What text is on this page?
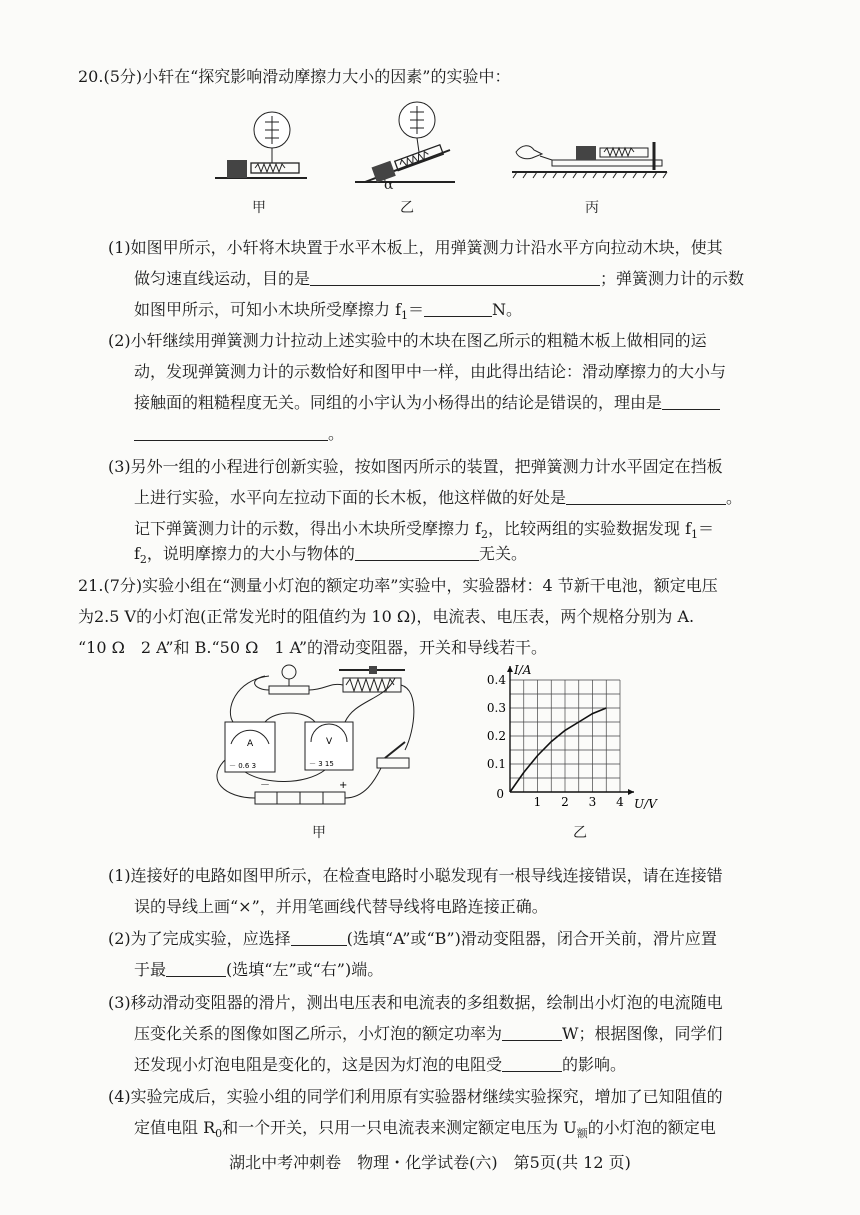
20.(5分)小轩在“探究影响滑动摩擦力大小的因素”的实验中：
甲
α
乙	丙
(1)如图甲所示，小轩将木块置于水平木板上，用弹簧测力计沿水平方向拉动木块，使其
做匀速直线运动，目的是	；弹簧测力计的示数
如图甲所示，可知小木块所受摩擦力 $f_1=$	N。
(2)小轩继续用弹簧测力计拉动上述实验中的木块在图乙所示的粗糙木板上做相同的运
动，发现弹簧测力计的示数恰好和图甲中一样，由此得出结论：滑动摩擦力的大小与
接触面的粗糙程度无关。同组的小宇认为小杨得出的结论是错误的，理由是
。
(3)另外一组的小程进行创新实验，按如图丙所示的装置，把弹簧测力计水平固定在挡板
上进行实验，水平向左拉动下面的长木板，他这样做的好处是	。
记下弹簧测力计的示数，得出小木块所受摩擦力 $f_2$，比较两组的实验数据发现 $f_1=$
$f_2$，说明摩擦力的大小与物体的	无关。
21.(7分)实验小组在“测量小灯泡的额定功率”实验中，实验器材：4 节新干电池，额定电压
为2.5 V的小灯泡(正常发光时的阻值约为 10 Ω)，电流表、电压表，两个规格分别为 A.
“10 Ω　2 A”和 B.“50 Ω　1 A”的滑动变阻器，开关和导线若干。
A
－ 0.6 3
V
－ 3 15
－	+
甲
1 2 3 4
0.1
0.2
0.3
0.4
0
U/V
I/A
乙
(1)连接好的电路如图甲所示，在检查电路时小聪发现有一根导线连接错误，请在连接错
误的导线上画“×”，并用笔画线代替导线将电路连接正确。
(2)为了完成实验，应选择	(选填“A”或“B”)滑动变阻器，闭合开关前，滑片应置
于最	(选填“左”或“右”)端。
(3)移动滑动变阻器的滑片，测出电压表和电流表的多组数据，绘制出小灯泡的电流随电
压变化关系的图像如图乙所示，小灯泡的额定功率为	W；根据图像，同学们
还发现小灯泡电阻是变化的，这是因为灯泡的电阻受	的影响。
(4)实验完成后，实验小组的同学们利用原有实验器材继续实验探究，增加了已知阻值的
定值电阻 $R_0$和一个开关，只用一只电流表来测定额定电压为 $U_额$的小灯泡的额定电
湖北中考冲刺卷　物理・化学试卷(六)　第5页(共 12 页)
